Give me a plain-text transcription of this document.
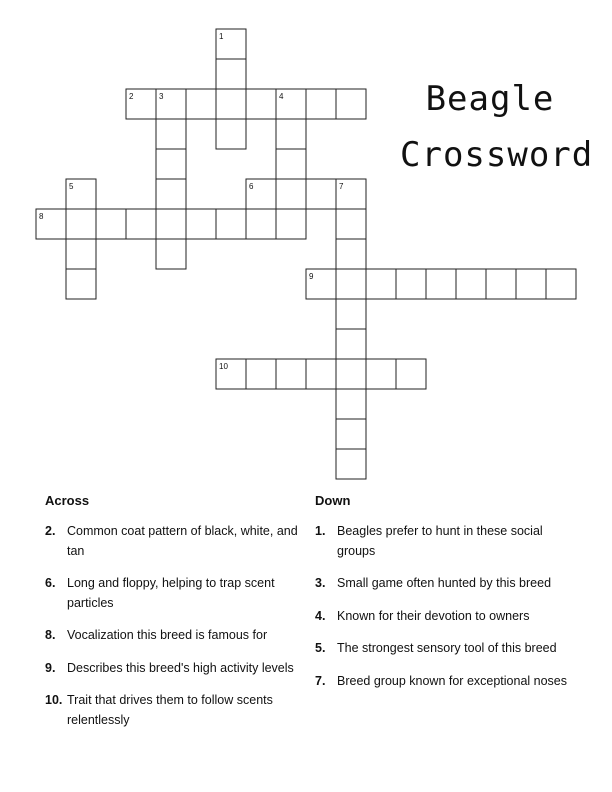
Beagle
Crossword
1
2	3	4
5	6	7
8
9
10
Across
2. Common coat pattern of black, white, and tan
6. Long and floppy, helping to trap scent particles
8. Vocalization this breed is famous for
9. Describes this breed's high activity levels
10. Trait that drives them to follow scents relentlessly
Down
1. Beagles prefer to hunt in these social groups
3. Small game often hunted by this breed
4. Known for their devotion to owners
5. The strongest sensory tool of this breed
7. Breed group known for exceptional noses
